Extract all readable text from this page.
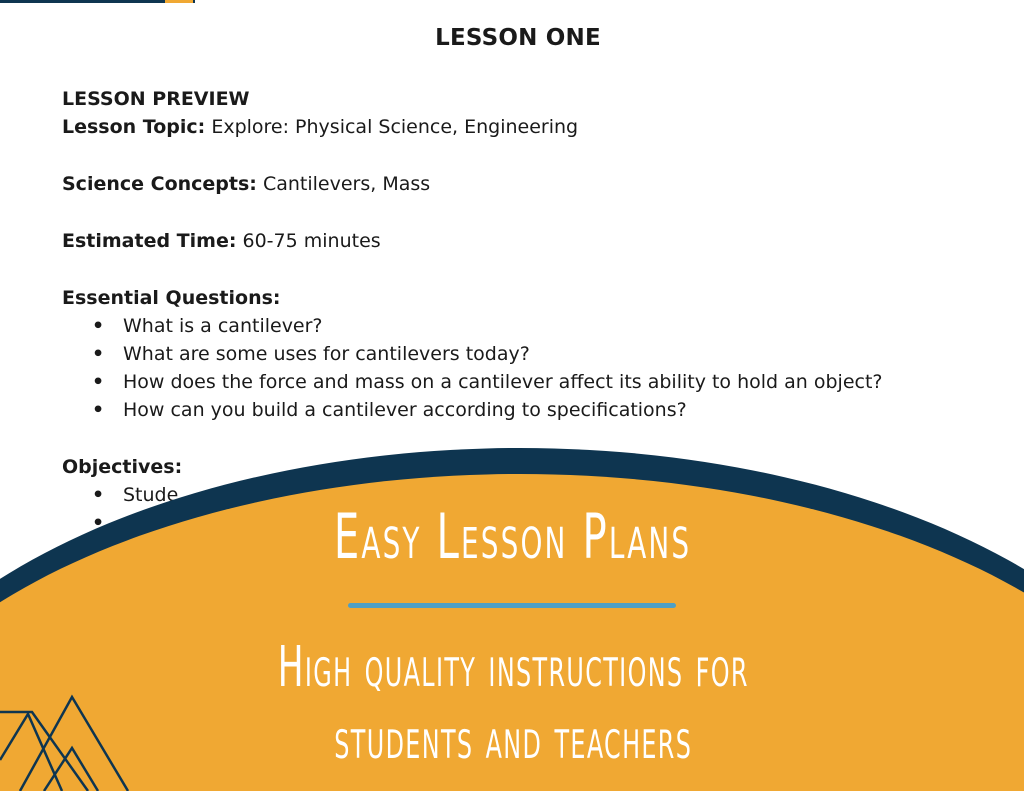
LESSON ONE
LESSON PREVIEW
Lesson Topic: Explore: Physical Science, Engineering
Science Concepts: Cantilevers, Mass
Estimated Time: 60-75 minutes
Essential Questions:
• What is a cantilever?
• What are some uses for cantilevers today?
• How does the force and mass on a cantilever affect its ability to hold an object?
• How can you build a cantilever according to specifications?
Objectives:
• Stude
•	Easy Lesson Plans
High quality instructions for
students and teachers
